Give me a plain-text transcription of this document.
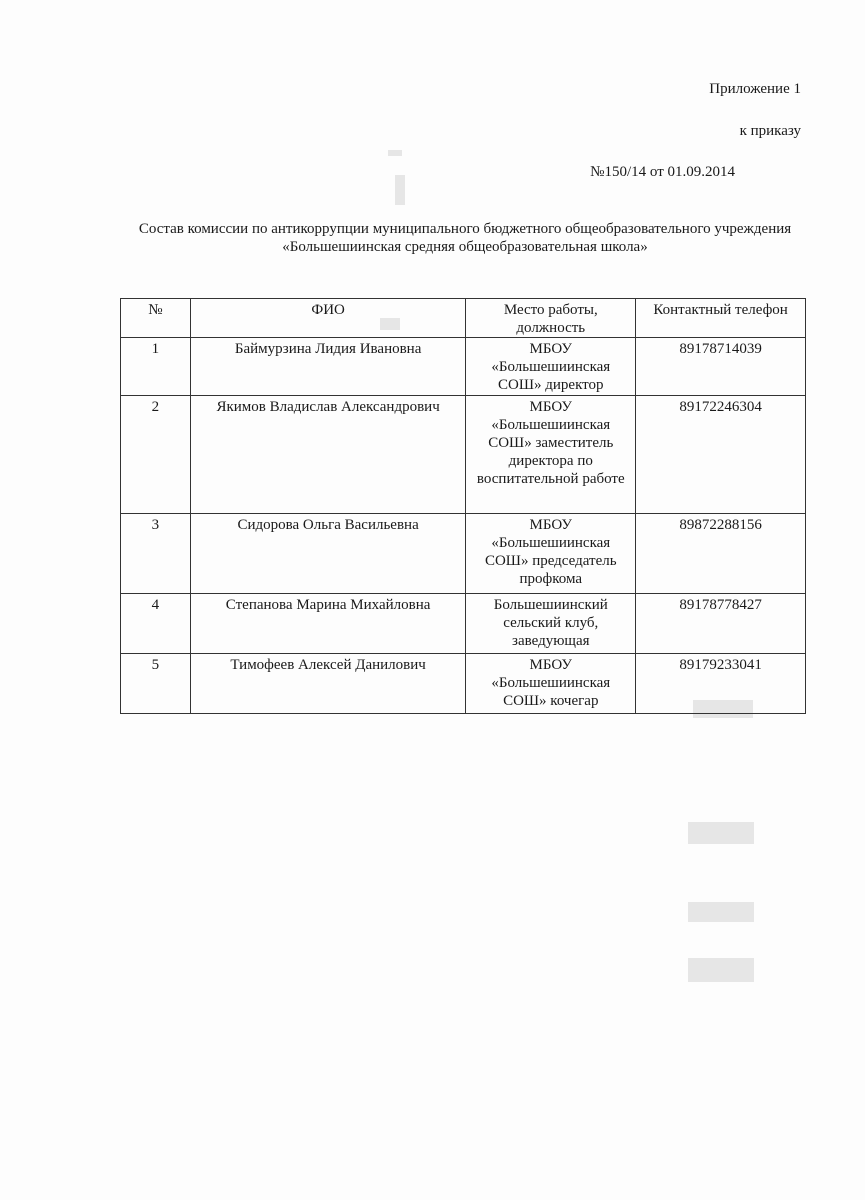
Приложение 1
к приказу
№150/14 от 01.09.2014
Состав комиссии по антикоррупции муниципального бюджетного общеобразовательного учреждения «Большешиинская средняя общеобразовательная школа»
№	ФИО	Место работы, должность	Контактный телефон
1	Баймурзина Лидия Ивановна	МБОУ «Большешиинская СОШ» директор	89178714039
2	Якимов Владислав Александрович	МБОУ «Большешиинская СОШ» заместитель директора по воспитательной работе	89172246304
3	Сидорова Ольга Васильевна	МБОУ «Большешиинская СОШ» председатель профкома	89872288156
4	Степанова Марина Михайловна	Большешиинский сельский клуб, заведующая	89178778427
5	Тимофеев Алексей Данилович	МБОУ «Большешиинская СОШ» кочегар	89179233041
